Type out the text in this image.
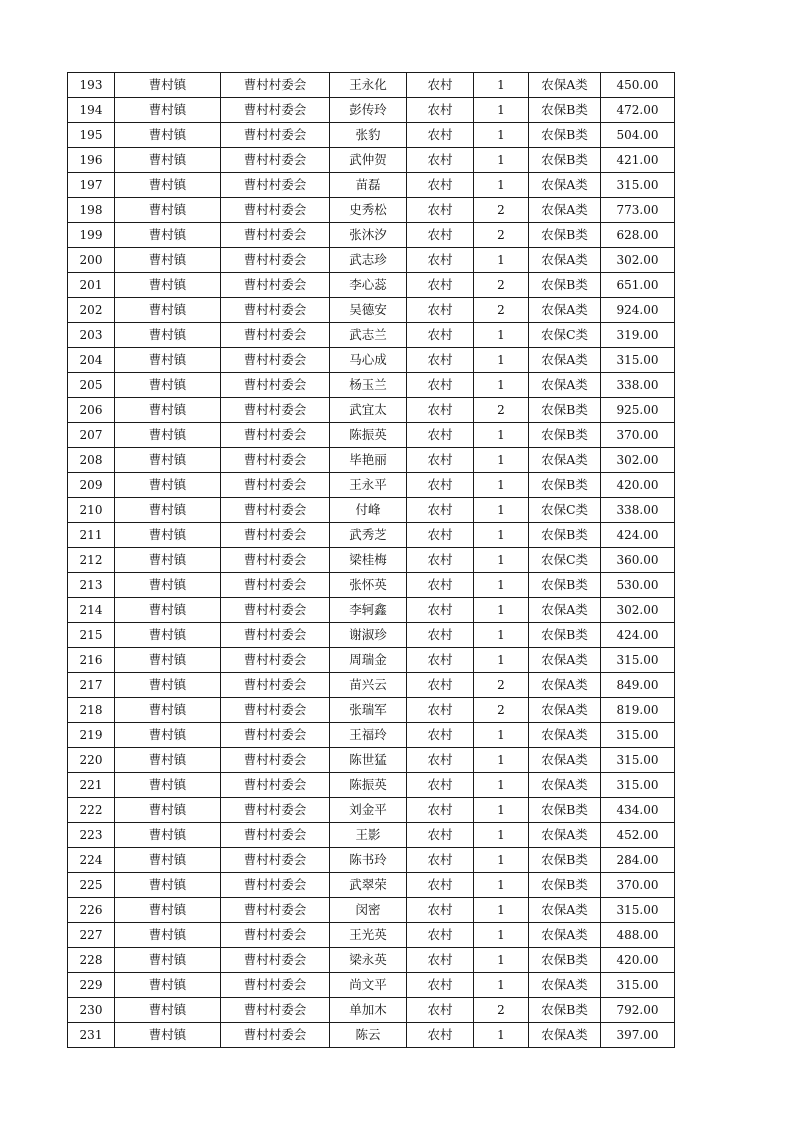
193	曹村镇	曹村村委会	王永化	农村	1	农保A类	450.00
194	曹村镇	曹村村委会	彭传玲	农村	1	农保B类	472.00
195	曹村镇	曹村村委会	张豹	农村	1	农保B类	504.00
196	曹村镇	曹村村委会	武仲贺	农村	1	农保B类	421.00
197	曹村镇	曹村村委会	苗磊	农村	1	农保A类	315.00
198	曹村镇	曹村村委会	史秀松	农村	2	农保A类	773.00
199	曹村镇	曹村村委会	张沐汐	农村	2	农保B类	628.00
200	曹村镇	曹村村委会	武志珍	农村	1	农保A类	302.00
201	曹村镇	曹村村委会	李心蕊	农村	2	农保B类	651.00
202	曹村镇	曹村村委会	吴德安	农村	2	农保A类	924.00
203	曹村镇	曹村村委会	武志兰	农村	1	农保C类	319.00
204	曹村镇	曹村村委会	马心成	农村	1	农保A类	315.00
205	曹村镇	曹村村委会	杨玉兰	农村	1	农保A类	338.00
206	曹村镇	曹村村委会	武宜太	农村	2	农保B类	925.00
207	曹村镇	曹村村委会	陈振英	农村	1	农保B类	370.00
208	曹村镇	曹村村委会	毕艳丽	农村	1	农保A类	302.00
209	曹村镇	曹村村委会	王永平	农村	1	农保B类	420.00
210	曹村镇	曹村村委会	付峰	农村	1	农保C类	338.00
211	曹村镇	曹村村委会	武秀芝	农村	1	农保B类	424.00
212	曹村镇	曹村村委会	梁桂梅	农村	1	农保C类	360.00
213	曹村镇	曹村村委会	张怀英	农村	1	农保B类	530.00
214	曹村镇	曹村村委会	李轲鑫	农村	1	农保A类	302.00
215	曹村镇	曹村村委会	谢淑珍	农村	1	农保B类	424.00
216	曹村镇	曹村村委会	周瑞金	农村	1	农保A类	315.00
217	曹村镇	曹村村委会	苗兴云	农村	2	农保A类	849.00
218	曹村镇	曹村村委会	张瑞军	农村	2	农保A类	819.00
219	曹村镇	曹村村委会	王福玲	农村	1	农保A类	315.00
220	曹村镇	曹村村委会	陈世猛	农村	1	农保A类	315.00
221	曹村镇	曹村村委会	陈振英	农村	1	农保A类	315.00
222	曹村镇	曹村村委会	刘金平	农村	1	农保B类	434.00
223	曹村镇	曹村村委会	王影	农村	1	农保A类	452.00
224	曹村镇	曹村村委会	陈书玲	农村	1	农保B类	284.00
225	曹村镇	曹村村委会	武翠荣	农村	1	农保B类	370.00
226	曹村镇	曹村村委会	闵密	农村	1	农保A类	315.00
227	曹村镇	曹村村委会	王光英	农村	1	农保A类	488.00
228	曹村镇	曹村村委会	梁永英	农村	1	农保B类	420.00
229	曹村镇	曹村村委会	尚文平	农村	1	农保A类	315.00
230	曹村镇	曹村村委会	单加木	农村	2	农保B类	792.00
231	曹村镇	曹村村委会	陈云	农村	1	农保A类	397.00
